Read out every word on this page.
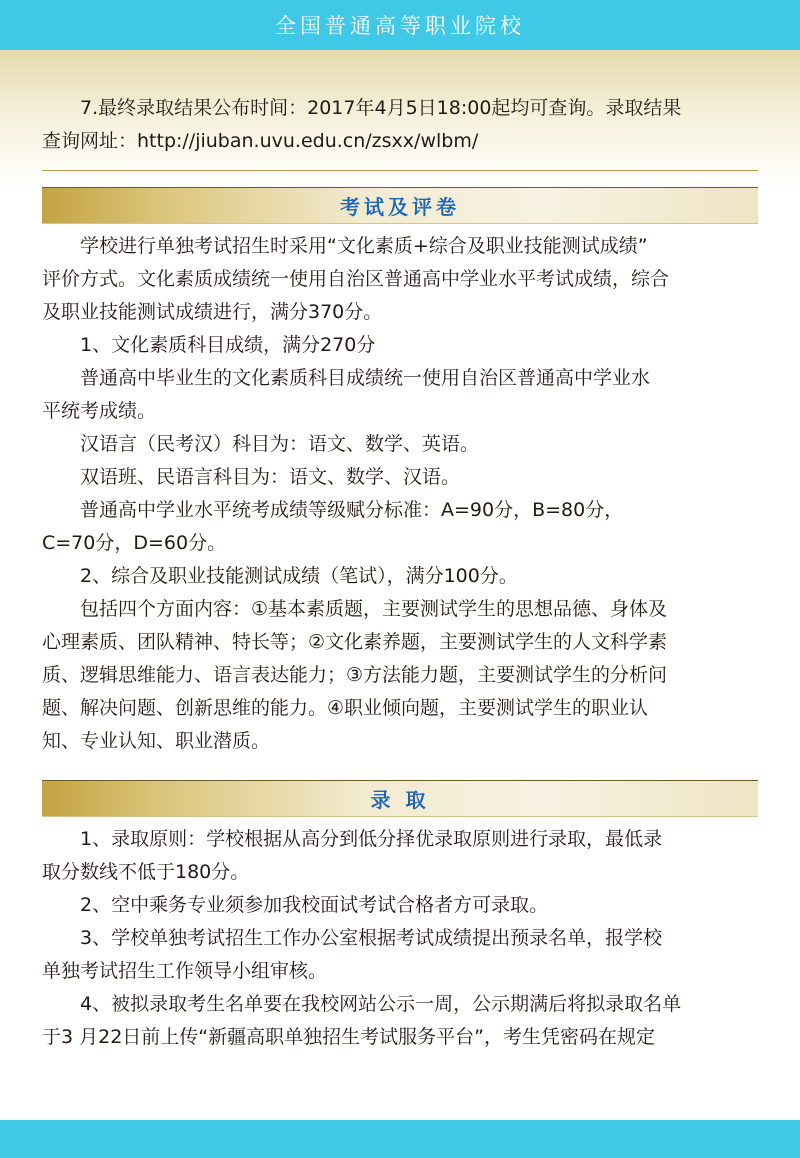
全国普通高等职业院校

7.最终录取结果公布时间：2017年4月5日18:00起均可查询。录取结果

查询网址：http://jiuban.uvu.edu.cn/zsxx/wlbm/

考试及评卷

学校进行单独考试招生时采用“文化素质+综合及职业技能测试成绩”

评价方式。文化素质成绩统一使用自治区普通高中学业水平考试成绩，综合

及职业技能测试成绩进行，满分370分。

1、文化素质科目成绩，满分270分

普通高中毕业生的文化素质科目成绩统一使用自治区普通高中学业水

平统考成绩。

汉语言（民考汉）科目为：语文、数学、英语。

双语班、民语言科目为：语文、数学、汉语。

普通高中学业水平统考成绩等级赋分标准：A=90分，B=80分，

C=70分，D=60分。

2、综合及职业技能测试成绩（笔试），满分100分。

包括四个方面内容：①基本素质题，主要测试学生的思想品德、身体及

心理素质、团队精神、特长等；②文化素养题，主要测试学生的人文科学素

质、逻辑思维能力、语言表达能力；③方法能力题，主要测试学生的分析问

题、解决问题、创新思维的能力。④职业倾向题，主要测试学生的职业认

知、专业认知、职业潜质。

录 取

1、录取原则：学校根据从高分到低分择优录取原则进行录取，最低录

取分数线不低于180分。

2、空中乘务专业须参加我校面试考试合格者方可录取。

3、学校单独考试招生工作办公室根据考试成绩提出预录名单，报学校

单独考试招生工作领导小组审核。

4、被拟录取考生名单要在我校网站公示一周，公示期满后将拟录取名单

于3 月22日前上传“新疆高职单独招生考试服务平台”，考生凭密码在规定
